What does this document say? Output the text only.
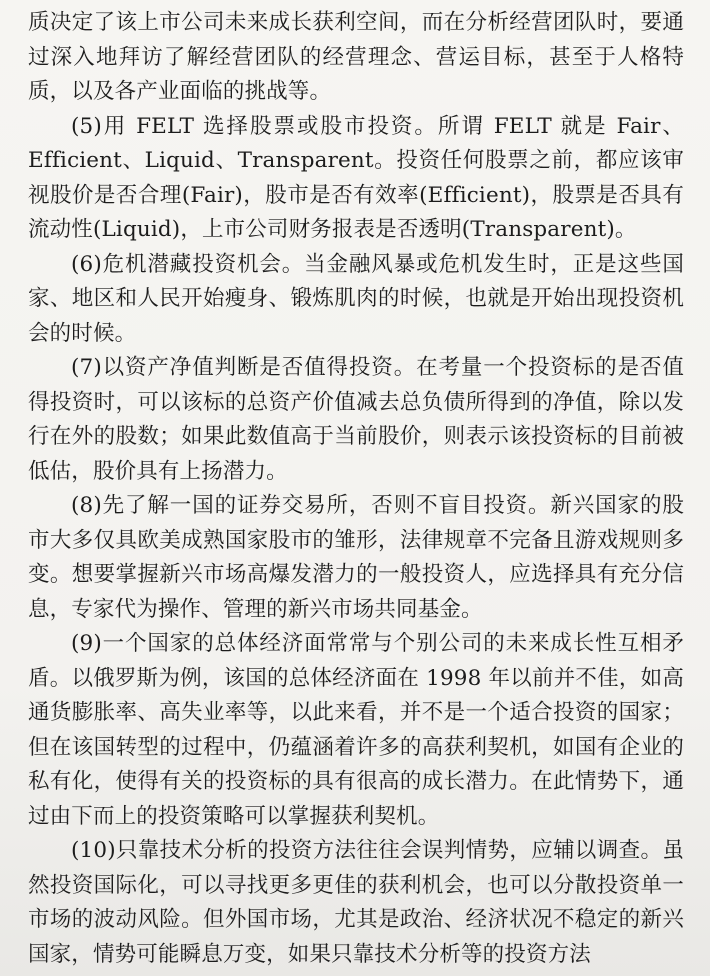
质决定了该上市公司未来成长获利空间，而在分析经营团队时，要通过深入地拜访了解经营团队的经营理念、营运目标，甚至于人格特质，以及各产业面临的挑战等。

(5)用 FELT 选择股票或股市投资。所谓 FELT 就是 Fair、Efficient、Liquid、Transparent。投资任何股票之前，都应该审视股价是否合理(Fair)，股市是否有效率(Efficient)，股票是否具有流动性(Liquid)，上市公司财务报表是否透明(Transparent)。

(6)危机潜藏投资机会。当金融风暴或危机发生时，正是这些国家、地区和人民开始瘦身、锻炼肌肉的时候，也就是开始出现投资机会的时候。

(7)以资产净值判断是否值得投资。在考量一个投资标的是否值得投资时，可以该标的总资产价值减去总负债所得到的净值，除以发行在外的股数；如果此数值高于当前股价，则表示该投资标的目前被低估，股价具有上扬潜力。

(8)先了解一国的证券交易所，否则不盲目投资。新兴国家的股市大多仅具欧美成熟国家股市的雏形，法律规章不完备且游戏规则多变。想要掌握新兴市场高爆发潜力的一般投资人，应选择具有充分信息，专家代为操作、管理的新兴市场共同基金。

(9)一个国家的总体经济面常常与个别公司的未来成长性互相矛盾。以俄罗斯为例，该国的总体经济面在 1998 年以前并不佳，如高通货膨胀率、高失业率等，以此来看，并不是一个适合投资的国家；但在该国转型的过程中，仍蕴涵着许多的高获利契机，如国有企业的私有化，使得有关的投资标的具有很高的成长潜力。在此情势下，通过由下而上的投资策略可以掌握获利契机。

(10)只靠技术分析的投资方法往往会误判情势，应辅以调查。虽然投资国际化，可以寻找更多更佳的获利机会，也可以分散投资单一市场的波动风险。但外国市场，尤其是政治、经济状况不稳定的新兴国家，情势可能瞬息万变，如果只靠技术分析等的投资方法
